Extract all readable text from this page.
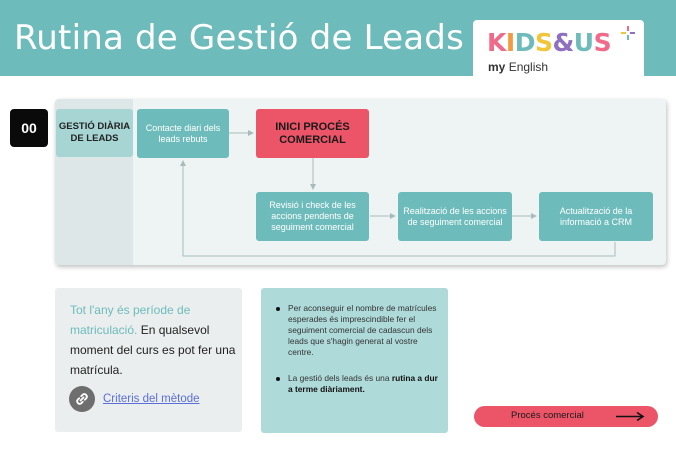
Rutina de Gestió de Leads KIDS&US
my English
00	GESTIÓ DIÀRIA DE LEADS
Contacte diari dels leads rebuts
INICI PROCÉS COMERCIAL
Revisió i check de les accions pendents de seguiment comercial
Realització de les accions de seguiment comercial
Actualització de la informació a CRM
Tot l'any és període de matriculació. En qualsevol moment del curs es pot fer una matrícula.
Criteris del mètode
Per aconseguir el nombre de matrícules esperades és imprescindible fer el seguiment comercial de cadascun dels leads que s'hagin generat al vostre centre.
La gestió dels leads és una rutina a dur a terme diàriament.
Procés comercial
